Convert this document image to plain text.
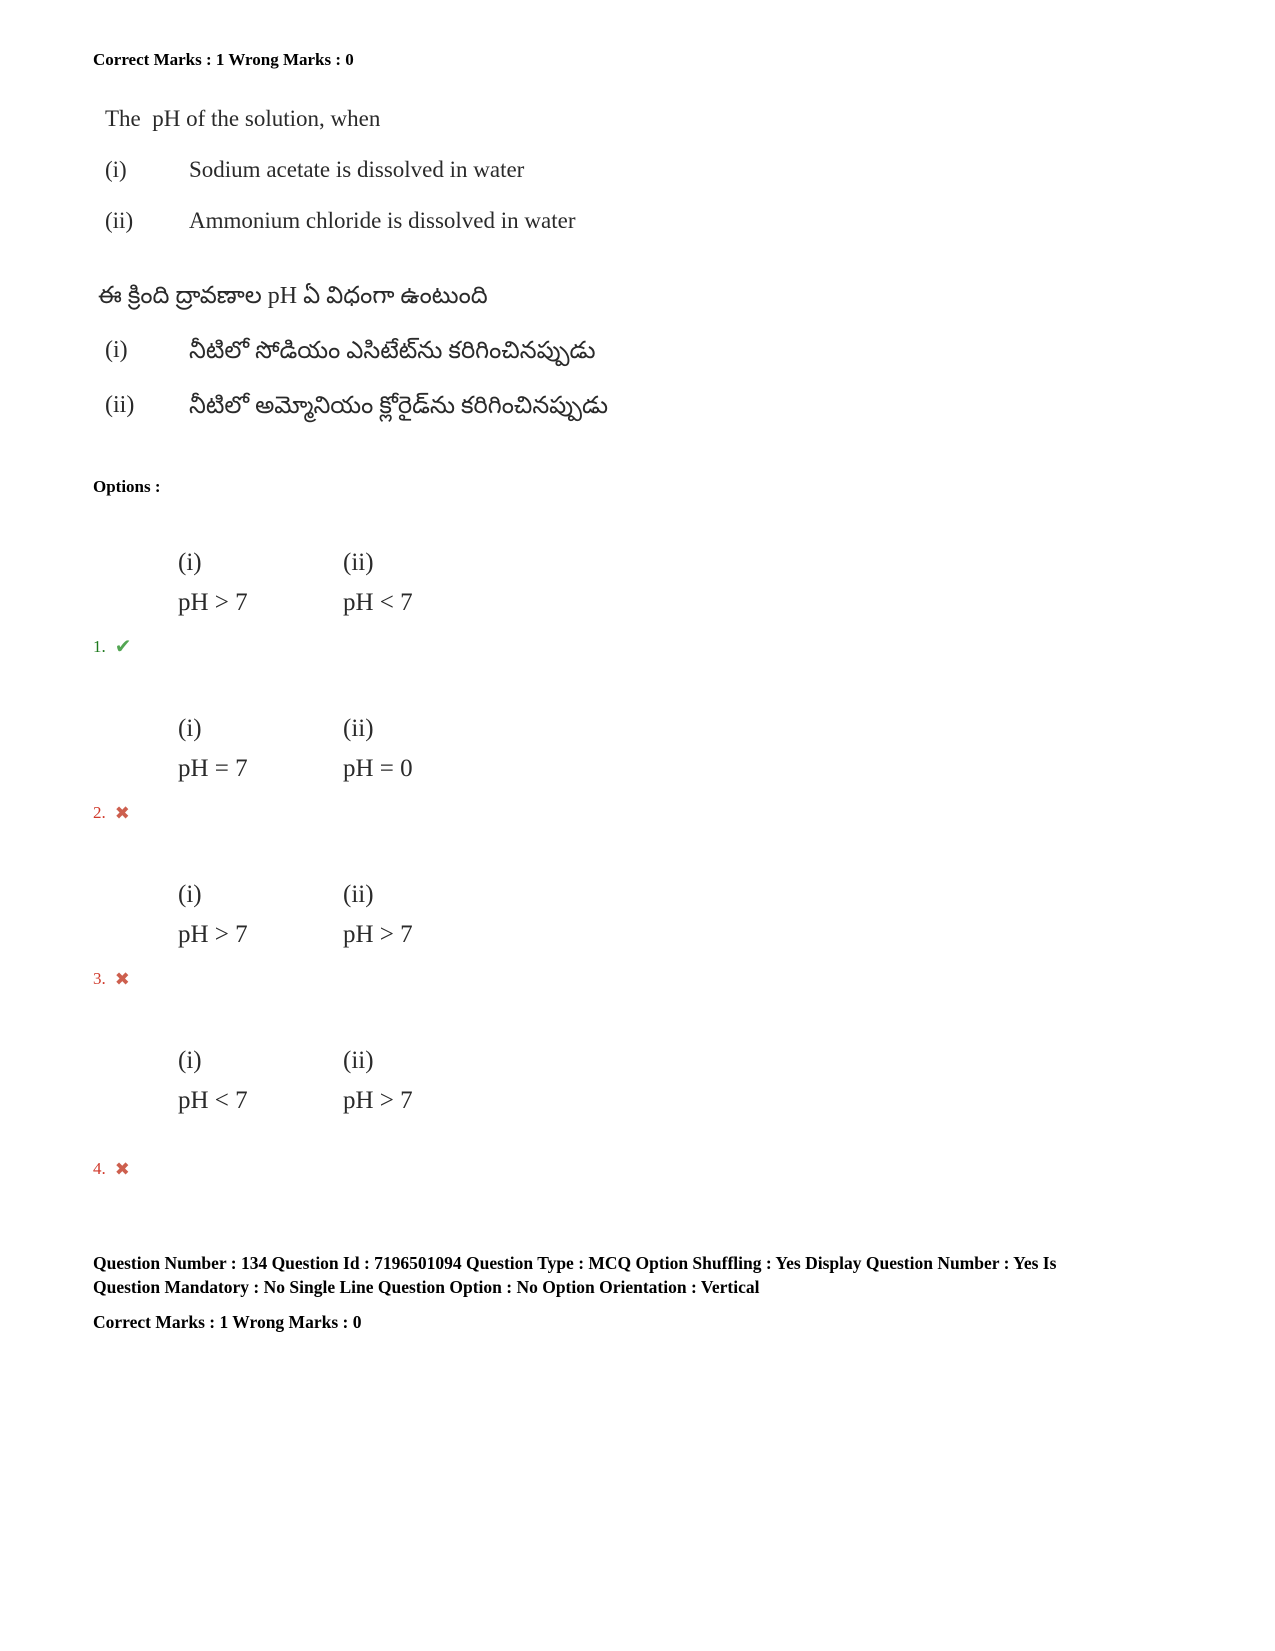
Correct Marks : 1 Wrong Marks : 0
The  pH of the solution, when
(i)	Sodium acetate is dissolved in water
(ii)	Ammonium chloride is dissolved in water
ఈ క్రింది ద్రావణాల pH ఏ విధంగా ఉంటుంది
(i)	నీటిలో సోడియం ఎసిటేట్‌ను కరిగించినప్పుడు
(ii)	నీటిలో అమ్మోనియం క్లోరైడ్‌ను కరిగించినప్పుడు
Options :
(i)	(ii)
pH > 7	pH < 7
1. ✔
(i)	(ii)
pH = 7	pH = 0
2. ✖
(i)	(ii)
pH > 7	pH > 7
3. ✖
(i)	(ii)
pH < 7	pH > 7
4. ✖
Question Number : 134 Question Id : 7196501094 Question Type : MCQ Option Shuffling : Yes Display Question Number : Yes Is
Question Mandatory : No Single Line Question Option : No Option Orientation : Vertical
Correct Marks : 1 Wrong Marks : 0
